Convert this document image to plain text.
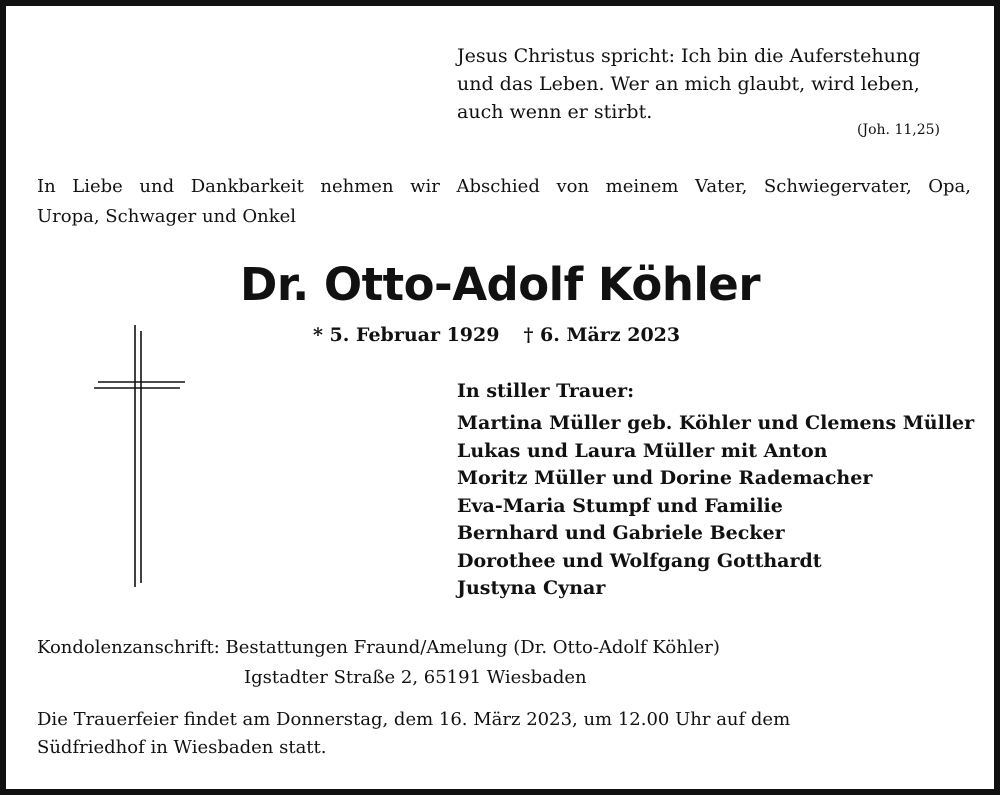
Jesus Christus spricht: Ich bin die Auferstehung
und das Leben. Wer an mich glaubt, wird leben,
auch wenn er stirbt.
(Joh. 11,25)
In Liebe und Dankbarkeit nehmen wir Abschied von meinem Vater, Schwiegervater, Opa,
Uropa, Schwager und Onkel
Dr. Otto-Adolf Köhler
* 5. Februar 1929 † 6. März 2023
In stiller Trauer:
Martina Müller geb. Köhler und Clemens Müller
Lukas und Laura Müller mit Anton
Moritz Müller und Dorine Rademacher
Eva-Maria Stumpf und Familie
Bernhard und Gabriele Becker
Dorothee und Wolfgang Gotthardt
Justyna Cynar
Kondolenzanschrift: Bestattungen Fraund/Amelung (Dr. Otto-Adolf Köhler)
Igstadter Straße 2, 65191 Wiesbaden
Die Trauerfeier findet am Donnerstag, dem 16. März 2023, um 12.00 Uhr auf dem
Südfriedhof in Wiesbaden statt.
